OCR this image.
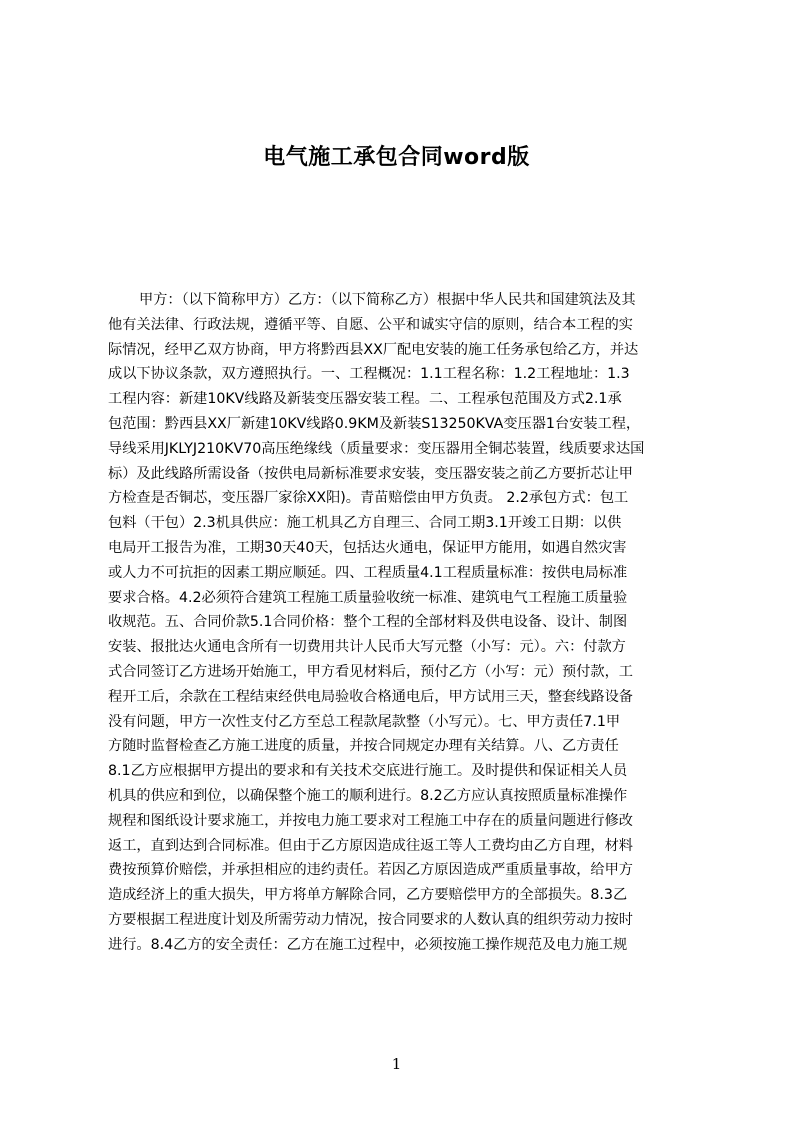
电气施工承包合同word版
甲方：（以下简称甲方）乙方：（以下简称乙方）根据中华人民共和国建筑法及其
他有关法律、行政法规，遵循平等、自愿、公平和诚实守信的原则，结合本工程的实
际情况，经甲乙双方协商，甲方将黔西县XX厂配电安装的施工任务承包给乙方，并达
成以下协议条款，双方遵照执行。一、工程概况：1.1工程名称：1.2工程地址：1.3
工程内容：新建10KV线路及新装变压器安装工程。二、工程承包范围及方式2.1承
包范围：黔西县XX厂新建10KV线路0.9KM及新装S13250KVA变压器1台安装工程，
导线采用JKLYJ210KV70高压绝缘线（质量要求：变压器用全铜芯装置，线质要求达国
标）及此线路所需设备（按供电局新标准要求安装，变压器安装之前乙方要折芯让甲
方检查是否铜芯，变压器厂家徐XX阳)。青苗赔偿由甲方负责。 2.2承包方式：包工
包料（干包）2.3机具供应：施工机具乙方自理三、合同工期3.1开竣工日期：以供
电局开工报告为准，工期30天40天，包括达火通电，保证甲方能用，如遇自然灾害
或人力不可抗拒的因素工期应顺延。四、工程质量4.1工程质量标准：按供电局标准
要求合格。4.2必须符合建筑工程施工质量验收统一标准、建筑电气工程施工质量验
收规范。五、合同价款5.1合同价格：整个工程的全部材料及供电设备、设计、制图
安装、报批达火通电含所有一切费用共计人民币大写元整（小写：元）。六：付款方
式合同签订乙方进场开始施工，甲方看见材料后，预付乙方（小写：元）预付款，工
程开工后，余款在工程结束经供电局验收合格通电后，甲方试用三天，整套线路设备
没有问题，甲方一次性支付乙方至总工程款尾款整（小写元）。七、甲方责任7.1甲
方随时监督检查乙方施工进度的质量，并按合同规定办理有关结算。八、乙方责任
8.1乙方应根据甲方提出的要求和有关技术交底进行施工。及时提供和保证相关人员
机具的供应和到位，以确保整个施工的顺利进行。8.2乙方应认真按照质量标准操作
规程和图纸设计要求施工，并按电力施工要求对工程施工中存在的质量问题进行修改
返工，直到达到合同标准。但由于乙方原因造成往返工等人工费均由乙方自理，材料
费按预算价赔偿，并承担相应的违约责任。若因乙方原因造成严重质量事故，给甲方
造成经济上的重大损失，甲方将单方解除合同，乙方要赔偿甲方的全部损失。8.3乙
方要根据工程进度计划及所需劳动力情况，按合同要求的人数认真的组织劳动力按时
进行。8.4乙方的安全责任：乙方在施工过程中，必须按施工操作规范及电力施工规
1
